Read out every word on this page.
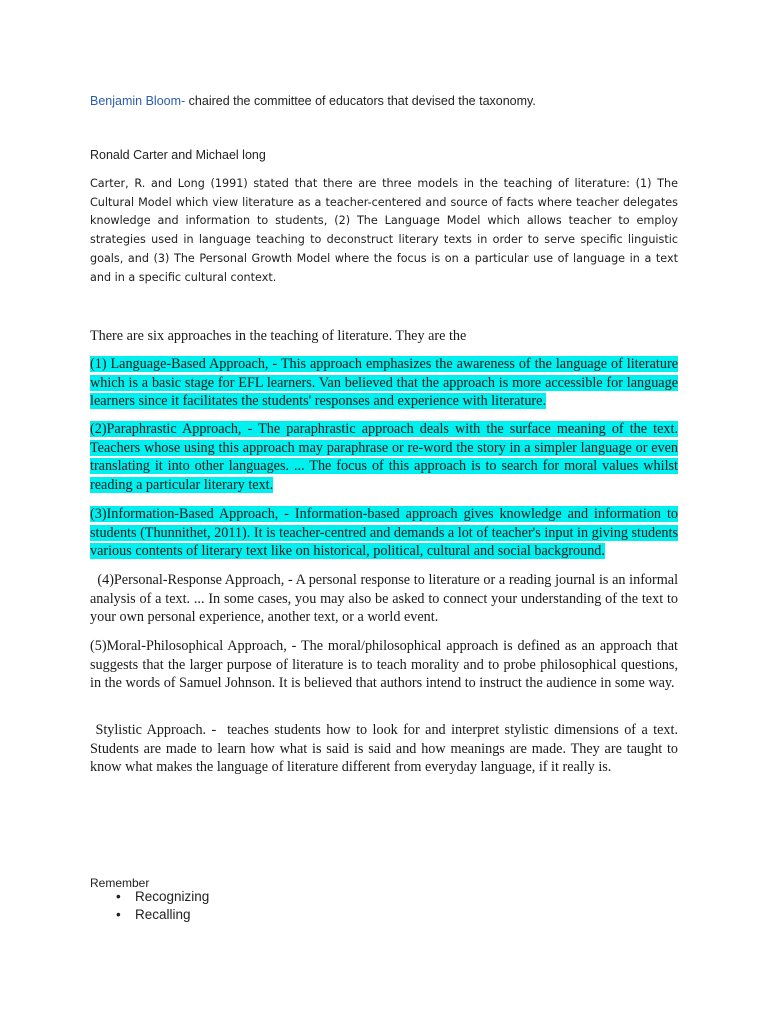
Benjamin Bloom- chaired the committee of educators that devised the taxonomy.

Ronald Carter and Michael long

Carter, R. and Long (1991) stated that there are three models in the teaching of literature: (1) The Cultural Model which view literature as a teacher-centered and source of facts where teacher delegates knowledge and information to students, (2) The Language Model which allows teacher to employ strategies used in language teaching to deconstruct literary texts in order to serve specific linguistic goals, and (3) The Personal Growth Model where the focus is on a particular use of language in a text and in a specific cultural context.

There are six approaches in the teaching of literature. They are the

(1) Language-Based Approach, - This approach emphasizes the awareness of the language of literature which is a basic stage for EFL learners. Van believed that the approach is more accessible for language learners since it facilitates the students' responses and experience with literature.

(2)Paraphrastic Approach, - The paraphrastic approach deals with the surface meaning of the text. Teachers whose using this approach may paraphrase or re-word the story in a simpler language or even translating it into other languages. ... The focus of this approach is to search for moral values whilst reading a particular literary text.

(3)Information-Based Approach, - Information-based approach gives knowledge and information to students (Thunnithet, 2011). It is teacher-centred and demands a lot of teacher's input in giving students various contents of literary text like on historical, political, cultural and social background.

(4)Personal-Response Approach, - A personal response to literature or a reading journal is an informal analysis of a text. ... In some cases, you may also be asked to connect your understanding of the text to your own personal experience, another text, or a world event.

(5)Moral-Philosophical Approach, - The moral/philosophical approach is defined as an approach that suggests that the larger purpose of literature is to teach morality and to probe philosophical questions, in the words of Samuel Johnson. It is believed that authors intend to instruct the audience in some way.

Stylistic Approach. -  teaches students how to look for and interpret stylistic dimensions of a text. Students are made to learn how what is said is said and how meanings are made. They are taught to know what makes the language of literature different from everyday language, if it really is.

Remember

• Recognizing
• Recalling
